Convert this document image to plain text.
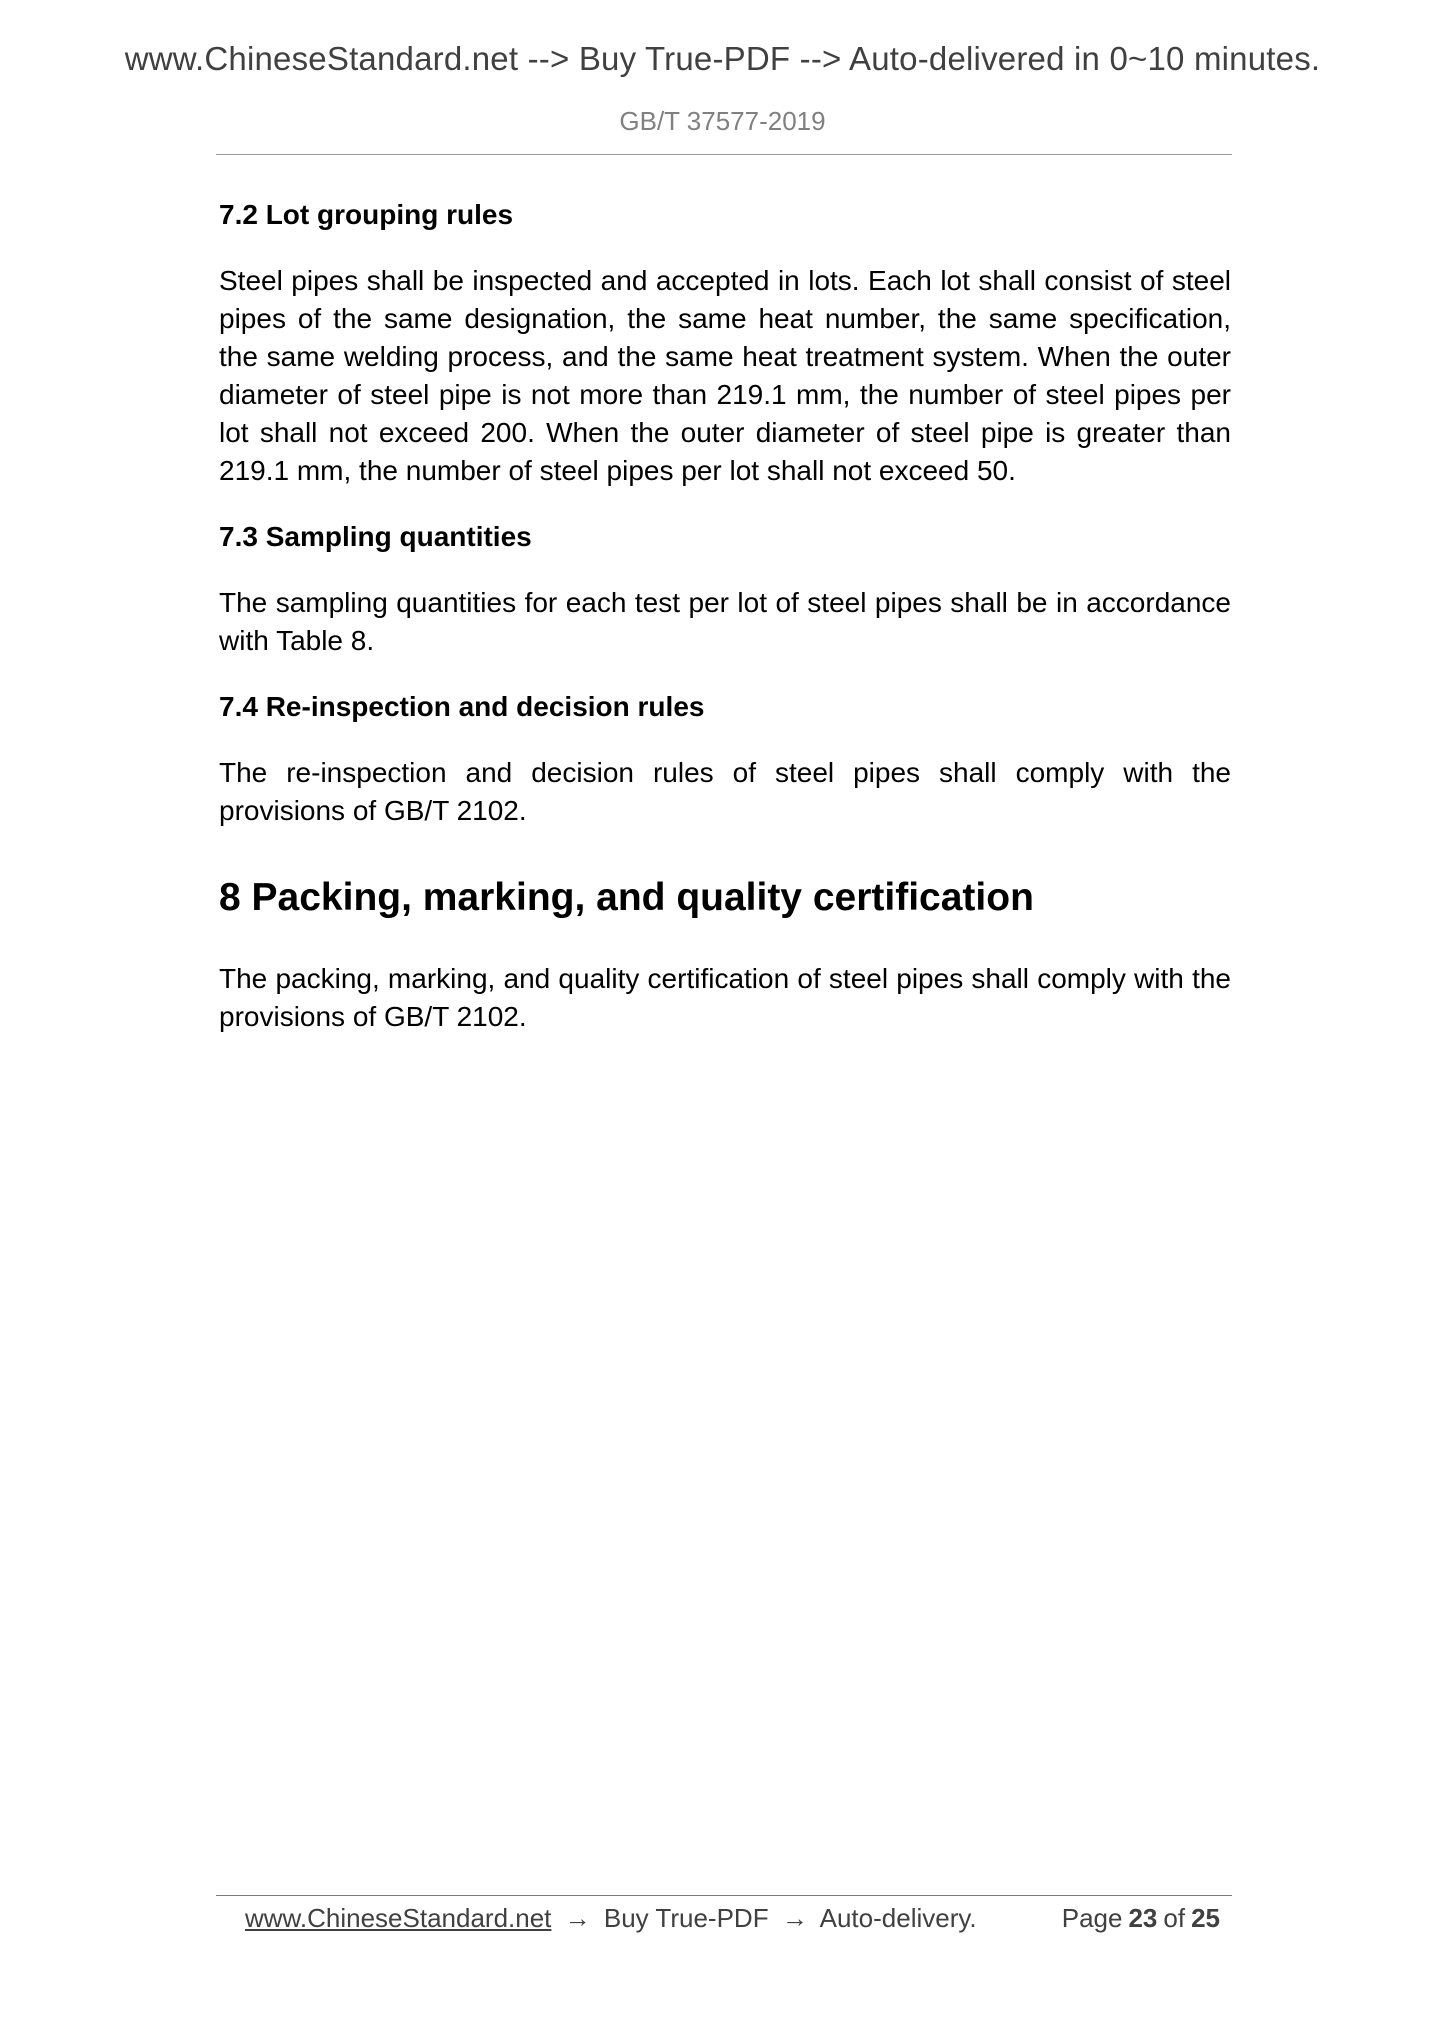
www.ChineseStandard.net --> Buy True-PDF --> Auto-delivered in 0~10 minutes.
GB/T 37577-2019
7.2 Lot grouping rules

Steel pipes shall be inspected and accepted in lots. Each lot shall consist of steel pipes of the same designation, the same heat number, the same specification, the same welding process, and the same heat treatment system. When the outer diameter of steel pipe is not more than 219.1 mm, the number of steel pipes per lot shall not exceed 200. When the outer diameter of steel pipe is greater than 219.1 mm, the number of steel pipes per lot shall not exceed 50.

7.3 Sampling quantities

The sampling quantities for each test per lot of steel pipes shall be in accordance with Table 8.

7.4 Re-inspection and decision rules

The re-inspection and decision rules of steel pipes shall comply with the provisions of GB/T 2102.

8 Packing, marking, and quality certification

The packing, marking, and quality certification of steel pipes shall comply with the provisions of GB/T 2102.

www.ChineseStandard.net → Buy True-PDF → Auto-delivery.	Page 23 of 25
